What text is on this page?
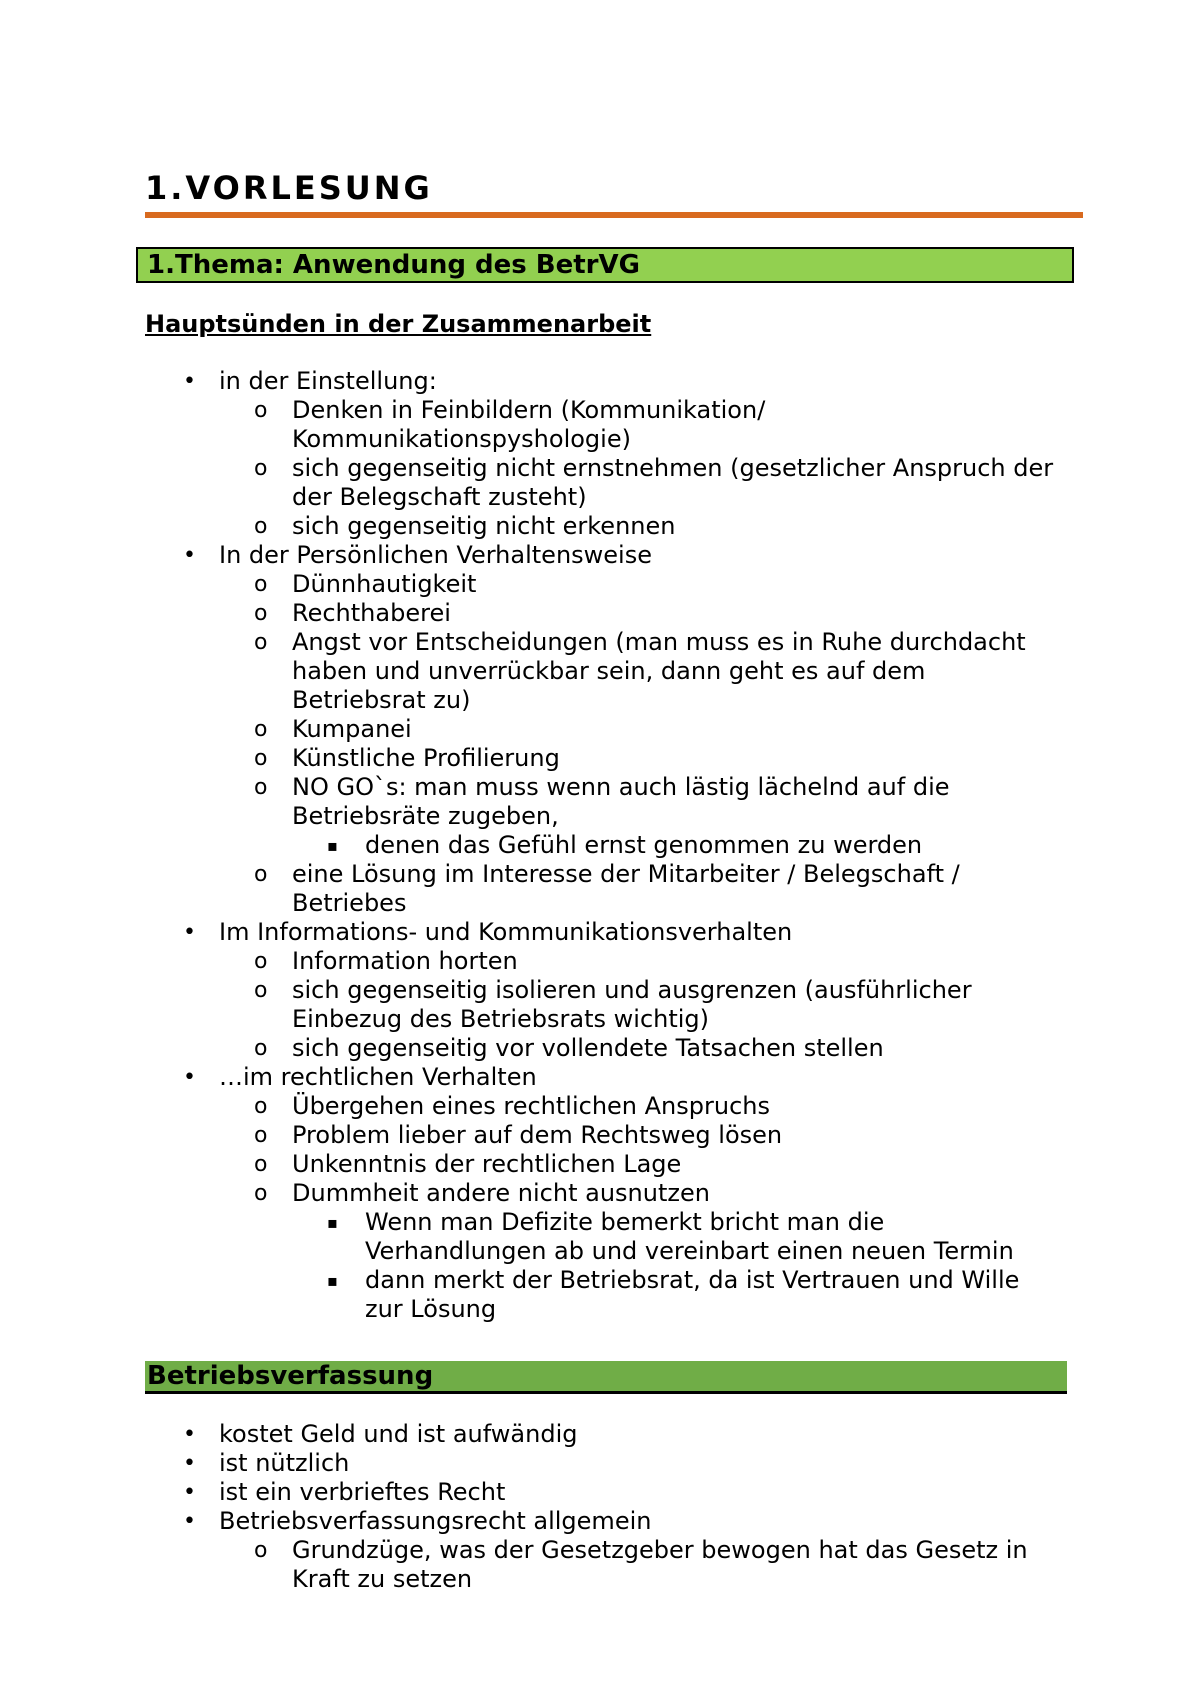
1.VORLESUNG
1.Thema: Anwendung des BetrVG
Hauptsünden in der Zusammenarbeit
• in der Einstellung:
o Denken in Feinbildern (Kommunikation/
Kommunikationspyshologie)
o sich gegenseitig nicht ernstnehmen (gesetzlicher Anspruch der
der Belegschaft zusteht)
o sich gegenseitig nicht erkennen
• In der Persönlichen Verhaltensweise
o Dünnhautigkeit
o Rechthaberei
o Angst vor Entscheidungen (man muss es in Ruhe durchdacht
haben und unverrückbar sein, dann geht es auf dem
Betriebsrat zu)
o Kumpanei
o Künstliche Profilierung
o NO GO`s: man muss wenn auch lästig lächelnd auf die
Betriebsräte zugeben,
▪ denen das Gefühl ernst genommen zu werden
o eine Lösung im Interesse der Mitarbeiter / Belegschaft /
Betriebes
• Im Informations- und Kommunikationsverhalten
o Information horten
o sich gegenseitig isolieren und ausgrenzen (ausführlicher
Einbezug des Betriebsrats wichtig)
o sich gegenseitig vor vollendete Tatsachen stellen
• …im rechtlichen Verhalten
o Übergehen eines rechtlichen Anspruchs
o Problem lieber auf dem Rechtsweg lösen
o Unkenntnis der rechtlichen Lage
o Dummheit andere nicht ausnutzen
▪ Wenn man Defizite bemerkt bricht man die
Verhandlungen ab und vereinbart einen neuen Termin
▪ dann merkt der Betriebsrat, da ist Vertrauen und Wille
zur Lösung
Betriebsverfassung
• kostet Geld und ist aufwändig
• ist nützlich
• ist ein verbrieftes Recht
• Betriebsverfassungsrecht allgemein
o Grundzüge, was der Gesetzgeber bewogen hat das Gesetz in
Kraft zu setzen
